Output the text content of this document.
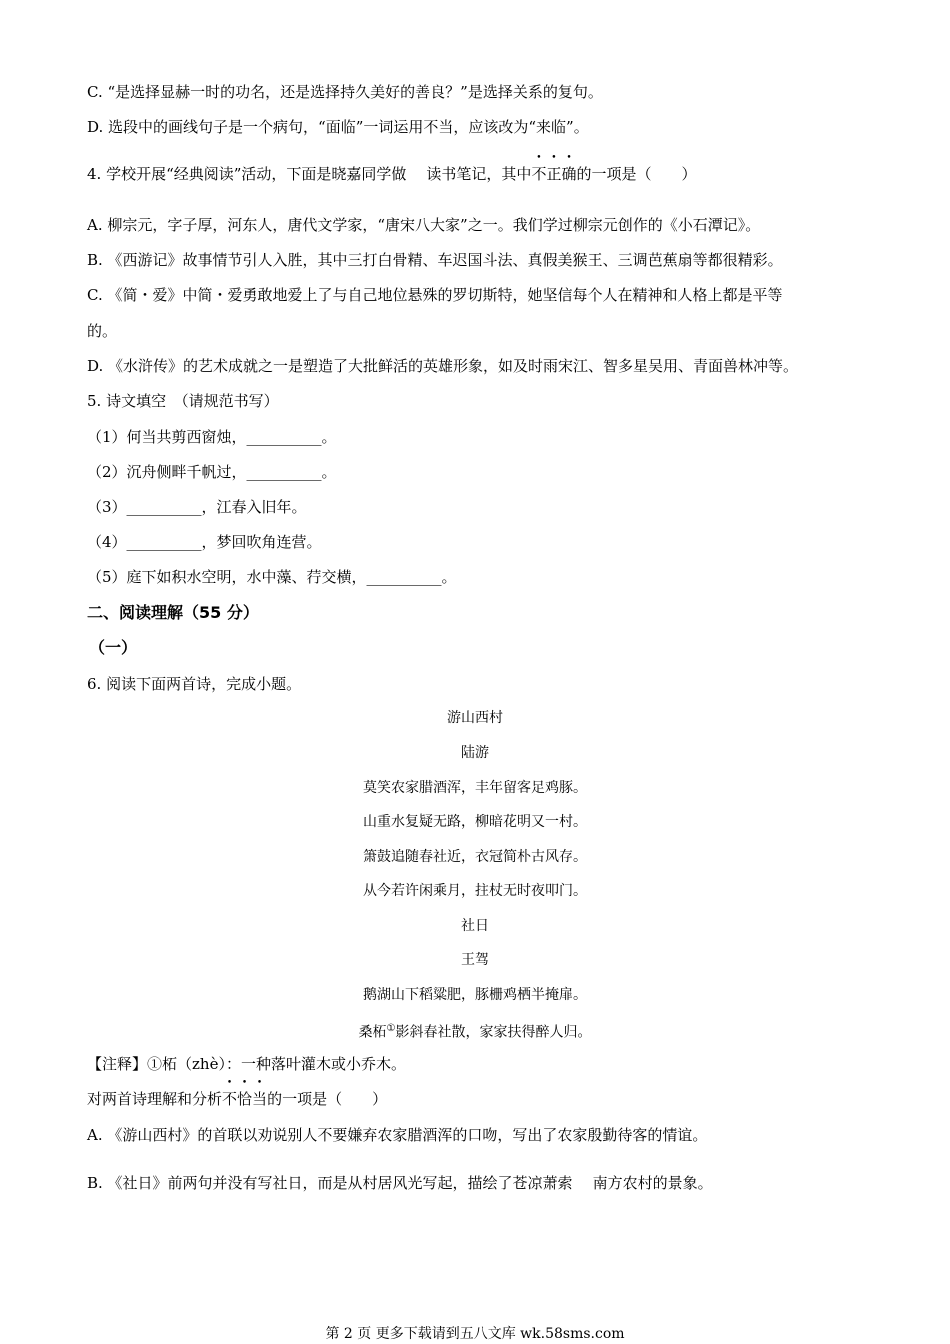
C. “是选择显赫一时的功名，还是选择持久美好的善良？”是选择关系的复句。
D. 选段中的画线句子是一个病句，“面临”一词运用不当，应该改为“来临”。
4. 学校开展“经典阅读”活动，下面是晓嘉同学做 读书笔记，其中不正确的一项是（　　）
A. 柳宗元，字子厚，河东人，唐代文学家，“唐宋八大家”之一。我们学过柳宗元创作的《小石潭记》。
B. 《西游记》故事情节引人入胜，其中三打白骨精、车迟国斗法、真假美猴王、三调芭蕉扇等都很精彩。
C. 《简・爱》中简・爱勇敢地爱上了与自己地位悬殊的罗切斯特，她坚信每个人在精神和人格上都是平等
的。
D. 《水浒传》的艺术成就之一是塑造了大批鲜活的英雄形象，如及时雨宋江、智多星吴用、青面兽林冲等。
5. 诗文填空　（请规范书写）
（1）何当共剪西窗烛，__________。
（2）沉舟侧畔千帆过，__________。
（3）__________，江春入旧年。
（4）__________，梦回吹角连营。
（5）庭下如积水空明，水中藻、荇交横，__________。
二、阅读理解（55 分）
（一）
6. 阅读下面两首诗，完成小题。
游山西村
陆游
莫笑农家腊酒浑，丰年留客足鸡豚。
山重水复疑无路，柳暗花明又一村。
箫鼓追随春社近，衣冠简朴古风存。
从今若许闲乘月，拄杖无时夜叩门。
社日
王驾
鹅湖山下稻粱肥，豚栅鸡栖半掩扉。
桑柘①影斜春社散，家家扶得醉人归。
【注释】①柘（zhè）：一种落叶灌木或小乔木。
对两首诗理解和分析不恰当的一项是（　　）
A. 《游山西村》的首联以劝说别人不要嫌弃农家腊酒浑的口吻，写出了农家殷勤待客的情谊。
B. 《社日》前两句并没有写社日，而是从村居风光写起，描绘了苍凉萧索 南方农村的景象。
第 2 页 更多下载请到五八文库 wk.58sms.com
